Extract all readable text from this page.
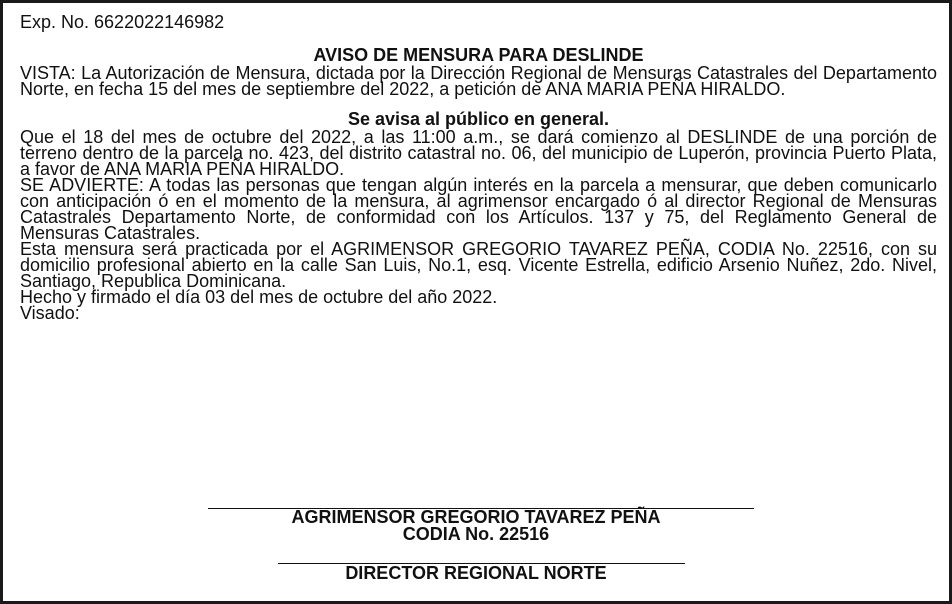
Exp. No. 6622022146982

AVISO DE MENSURA PARA DESLINDE

VISTA: La Autorización de Mensura, dictada por la Dirección Regional de Mensuras Catastrales del Departamento Norte, en fecha 15 del mes de septiembre del 2022, a petición de ANA MARIA PEÑA HIRALDO.

Se avisa al público en general.

Que el 18 del mes de octubre del 2022, a las 11:00 a.m., se dará comienzo al DESLINDE de una porción de terreno dentro de la parcela no. 423, del distrito catastral no. 06, del municipio de Luperón, provincia Puerto Plata, a favor de ANA MARIA PEÑA HIRALDO.

SE ADVIERTE: A todas las personas que tengan algún interés en la parcela a mensurar, que deben comunicarlo con anticipación ó en el momento de la mensura, al agrimensor encargado ó al director Regional de Mensuras Catastrales Departamento Norte, de conformidad con los Artículos. 137 y 75, del Reglamento General de Mensuras Catastrales.

Esta mensura será practicada por el AGRIMENSOR GREGORIO TAVAREZ PEÑA, CODIA No. 22516, con su domicilio profesional abierto en la calle San Luis, No.1, esq. Vicente Estrella, edificio Arsenio Nuñez, 2do. Nivel, Santiago, Republica Dominicana.

Hecho y firmado el día 03 del mes de octubre del año 2022.

Visado:

AGRIMENSOR GREGORIO TAVAREZ PEÑA
CODIA No. 22516
DIRECTOR REGIONAL NORTE
